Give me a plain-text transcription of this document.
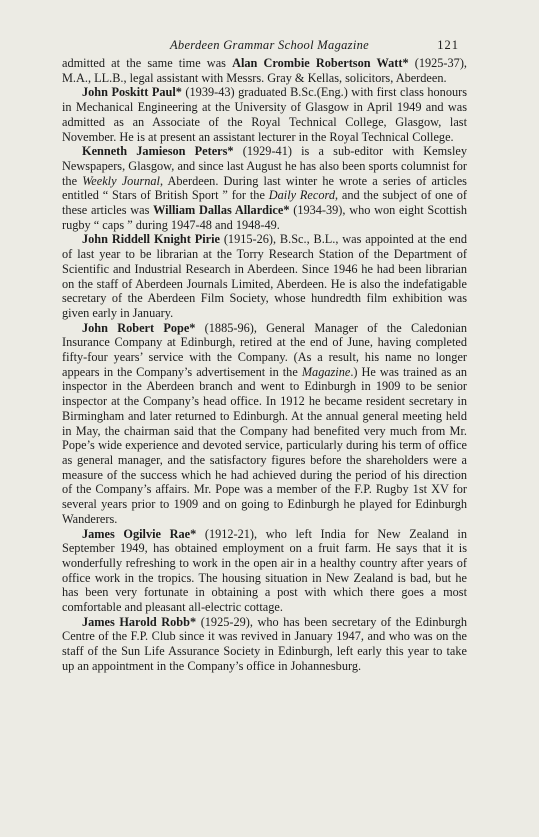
Aberdeen Grammar School Magazine	121

admitted at the same time was Alan Crombie Robertson Watt* (1925-37), M.A., LL.B., legal assistant with Messrs. Gray & Kellas, solicitors, Aberdeen.

John Poskitt Paul* (1939-43) graduated B.Sc.(Eng.) with first class honours in Mechanical Engineering at the University of Glasgow in April 1949 and was admitted as an Associate of the Royal Technical College, Glasgow, last November. He is at present an assistant lecturer in the Royal Technical College.

Kenneth Jamieson Peters* (1929-41) is a sub-editor with Kemsley Newspapers, Glasgow, and since last August he has also been sports columnist for the Weekly Journal, Aberdeen. During last winter he wrote a series of articles entitled “ Stars of British Sport ” for the Daily Record, and the subject of one of these articles was William Dallas Allardice* (1934-39), who won eight Scottish rugby “ caps ” during 1947-48 and 1948-49.

John Riddell Knight Pirie (1915-26), B.Sc., B.L., was appointed at the end of last year to be librarian at the Torry Research Station of the Department of Scientific and Industrial Research in Aberdeen. Since 1946 he had been librarian on the staff of Aberdeen Journals Limited, Aberdeen. He is also the indefatigable secretary of the Aberdeen Film Society, whose hundredth film exhibition was given early in January.

John Robert Pope* (1885-96), General Manager of the Caledonian Insurance Company at Edinburgh, retired at the end of June, having completed fifty-four years’ service with the Company. (As a result, his name no longer appears in the Company’s advertisement in the Magazine.) He was trained as an inspector in the Aberdeen branch and went to Edinburgh in 1909 to be senior inspector at the Company’s head office. In 1912 he became resident secretary in Birmingham and later returned to Edinburgh. At the annual general meeting held in May, the chairman said that the Company had benefited very much from Mr. Pope’s wide experience and devoted service, particularly during his term of office as general manager, and the satisfactory figures before the shareholders were a measure of the success which he had achieved during the period of his direction of the Company’s affairs. Mr. Pope was a member of the F.P. Rugby 1st XV for several years prior to 1909 and on going to Edinburgh he played for Edinburgh Wanderers.

James Ogilvie Rae* (1912-21), who left India for New Zealand in September 1949, has obtained employment on a fruit farm. He says that it is wonderfully refreshing to work in the open air in a healthy country after years of office work in the tropics. The housing situation in New Zealand is bad, but he has been very fortunate in obtaining a post with which there goes a most comfortable and pleasant all-electric cottage.

James Harold Robb* (1925-29), who has been secretary of the Edinburgh Centre of the F.P. Club since it was revived in January 1947, and who was on the staff of the Sun Life Assurance Society in Edinburgh, left early this year to take up an appointment in the Company’s office in Johannesburg.
